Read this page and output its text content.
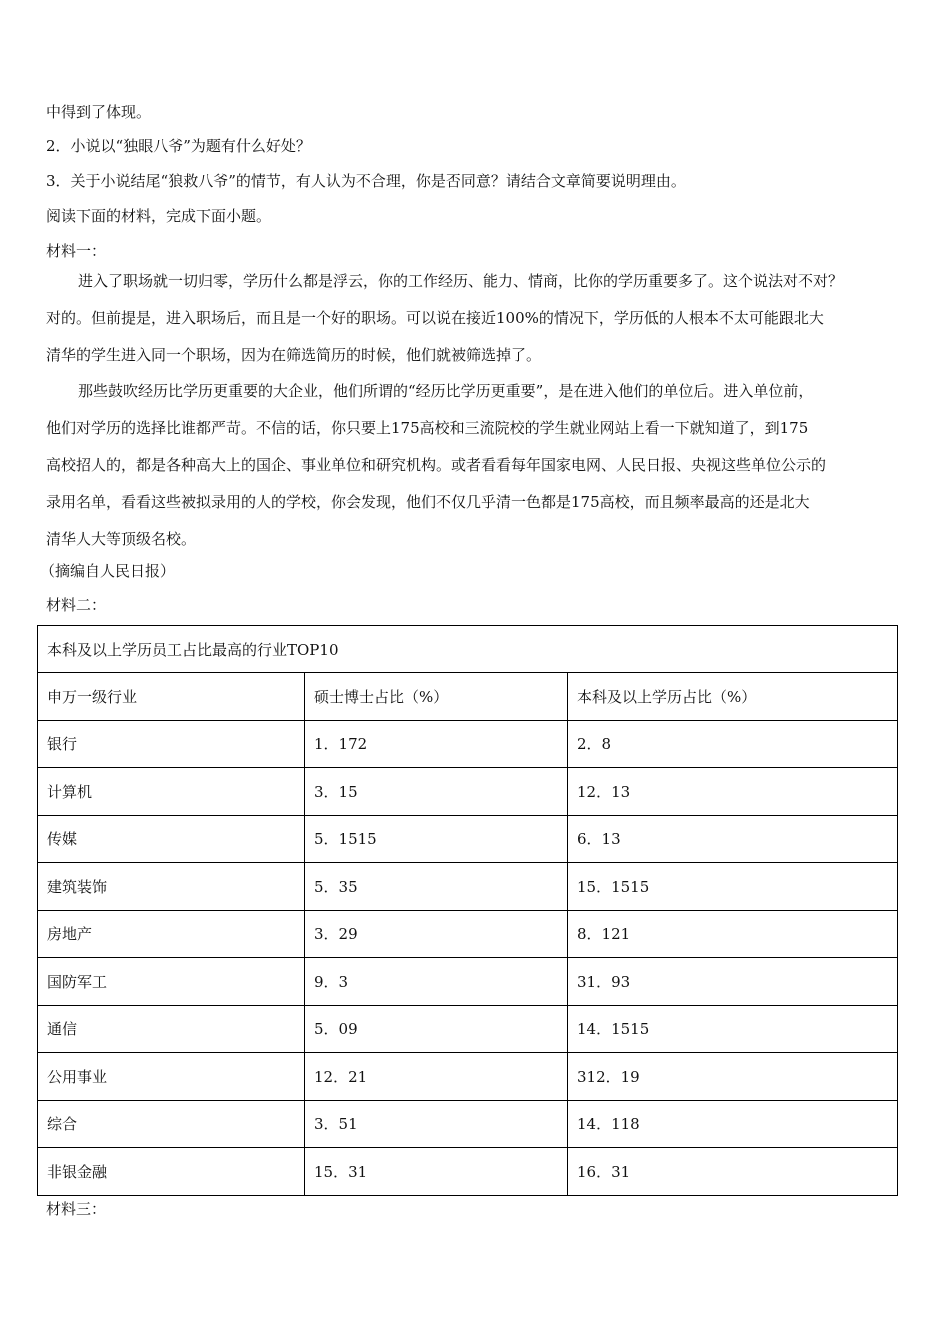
中得到了体现。
2．小说以“独眼八爷”为题有什么好处？
3．关于小说结尾“狼救八爷”的情节，有人认为不合理，你是否同意？请结合文章简要说明理由。
阅读下面的材料，完成下面小题。
材料一：
进入了职场就一切归零，学历什么都是浮云，你的工作经历、能力、情商，比你的学历重要多了。这个说法对不对？
对的。但前提是，进入职场后，而且是一个好的职场。可以说在接近100%的情况下，学历低的人根本不太可能跟北大
清华的学生进入同一个职场，因为在筛选简历的时候，他们就被筛选掉了。
那些鼓吹经历比学历更重要的大企业，他们所谓的“经历比学历更重要”，是在进入他们的单位后。进入单位前，
他们对学历的选择比谁都严苛。不信的话，你只要上175高校和三流院校的学生就业网站上看一下就知道了，到175
高校招人的，都是各种高大上的国企、事业单位和研究机构。或者看看每年国家电网、人民日报、央视这些单位公示的
录用名单，看看这些被拟录用的人的学校，你会发现，他们不仅几乎清一色都是175高校，而且频率最高的还是北大
清华人大等顶级名校。
（摘编自人民日报）
材料二：
本科及以上学历员工占比最高的行业TOP10		
申万一级行业	硕士博士占比（%）	本科及以上学历占比（%）
银行	1．172	2．8
计算机	3．15	12．13
传媒	5．1515	6．13
建筑装饰	5．35	15．1515
房地产	3．29	8．121
国防军工	9．3	31．93
通信	5．09	14．1515
公用事业	12．21	312．19
综合	3．51	14．118
非银金融	15．31	16．31
材料三：
